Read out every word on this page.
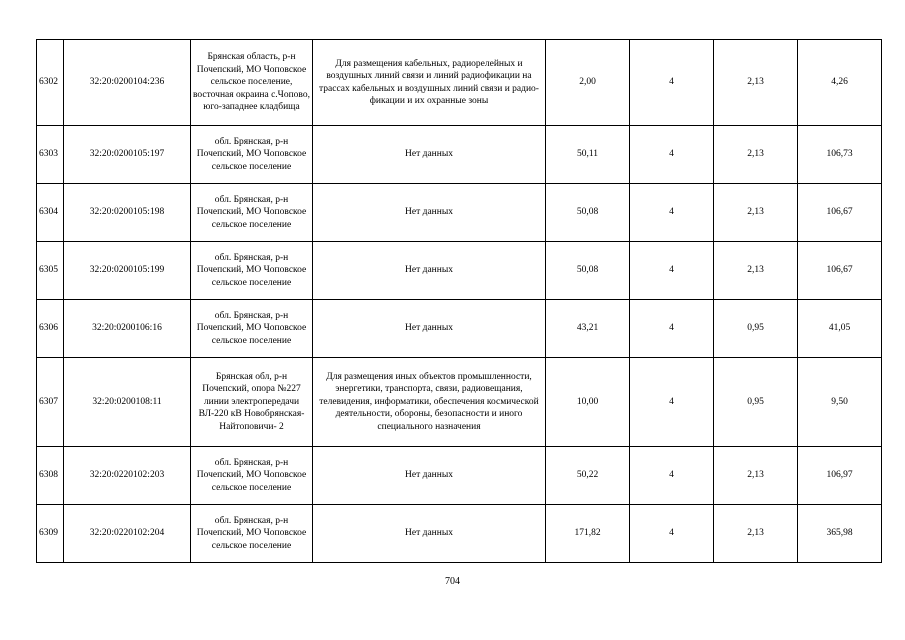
6302	32:20:0200104:236	Брянская область, р-н Почепский, МО Чоповское сельское поселение, восточная окраина с.Чопово, юго-западнее кладбища	Для размещения кабельных, радиорелейных и воздушных линий связи и линий радиофикации на трассах кабельных и воздушных линий связи и радио-фикации и их охранные зоны	2,00	4	2,13	4,26
6303	32:20:0200105:197	обл. Брянская, р-н Почепский, МО Чоповское сельское поселение	Нет данных	50,11	4	2,13	106,73
6304	32:20:0200105:198	обл. Брянская, р-н Почепский, МО Чоповское сельское поселение	Нет данных	50,08	4	2,13	106,67
6305	32:20:0200105:199	обл. Брянская, р-н Почепский, МО Чоповское сельское поселение	Нет данных	50,08	4	2,13	106,67
6306	32:20:0200106:16	обл. Брянская, р-н Почепский, МО Чоповское сельское поселение	Нет данных	43,21	4	0,95	41,05
6307	32:20:0200108:11	Брянская обл, р-н Почепский, опора №227 линии электропередачи ВЛ-220 кВ Новобрянская-Найтоповичи- 2	Для размещения иных объектов промышленности, энергетики, транспорта, связи, радиовещания, телевидения, информатики, обеспечения космической деятельности, обороны, безопасности и иного специального назначения	10,00	4	0,95	9,50
6308	32:20:0220102:203	обл. Брянская, р-н Почепский, МО Чоповское сельское поселение	Нет данных	50,22	4	2,13	106,97
6309	32:20:0220102:204	обл. Брянская, р-н Почепский, МО Чоповское сельское поселение	Нет данных	171,82	4	2,13	365,98
704
